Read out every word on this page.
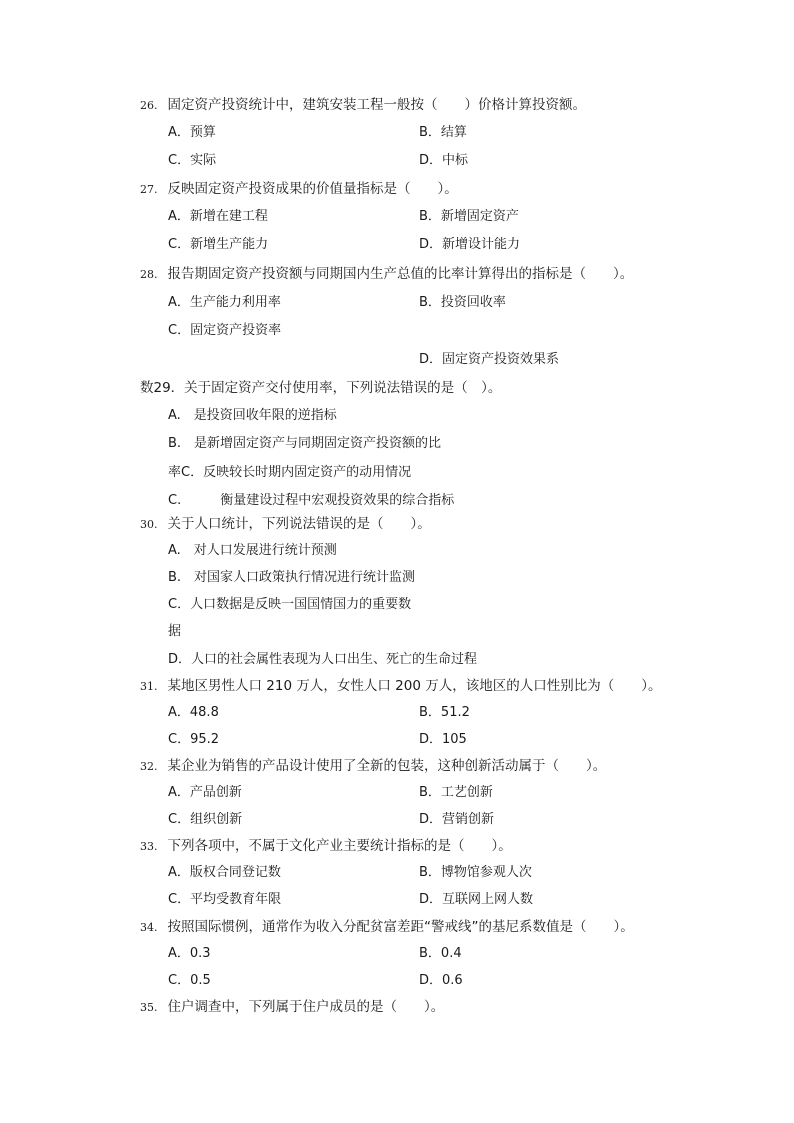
26. 固定资产投资统计中，建筑安装工程一般按（　　）价格计算投资额。
A．预算	B．结算
C．实际	D．中标
27. 反映固定资产投资成果的价值量指标是（　　）。
A．新增在建工程	B．新增固定资产
C．新增生产能力	D．新增设计能力
28. 报告期固定资产投资额与同期国内生产总值的比率计算得出的指标是（　　）。
A．生产能力利用率	B．投资回收率
C．固定资产投资率
D．固定资产投资效果系
数29．关于固定资产交付使用率，下列说法错误的是（　）。
A.　是投资回收年限的逆指标
B.　是新增固定资产与同期固定资产投资额的比
率C．反映较长时期内固定资产的动用情况
C.　　　衡量建设过程中宏观投资效果的综合指标
30. 关于人口统计，下列说法错误的是（　　）。
A.　对人口发展进行统计预测
B.　对国家人口政策执行情况进行统计监测
C．人口数据是反映一国国情国力的重要数
据
D．人口的社会属性表现为人口出生、死亡的生命过程
31. 某地区男性人口 210 万人，女性人口 200 万人，该地区的人口性别比为（　　）。
A．48.8	B．51.2
C．95.2	D．105
32. 某企业为销售的产品设计使用了全新的包装，这种创新活动属于（　　）。
A．产品创新	B．工艺创新
C．组织创新	D．营销创新
33. 下列各项中，不属于文化产业主要统计指标的是（　　）。
A．版权合同登记数	B．博物馆参观人次
C．平均受教育年限	D．互联网上网人数
34. 按照国际惯例，通常作为收入分配贫富差距“警戒线”的基尼系数值是（　　）。
A．0.3	B．0.4
C．0.5	D．0.6
35. 住户调查中，下列属于住户成员的是（　　）。
